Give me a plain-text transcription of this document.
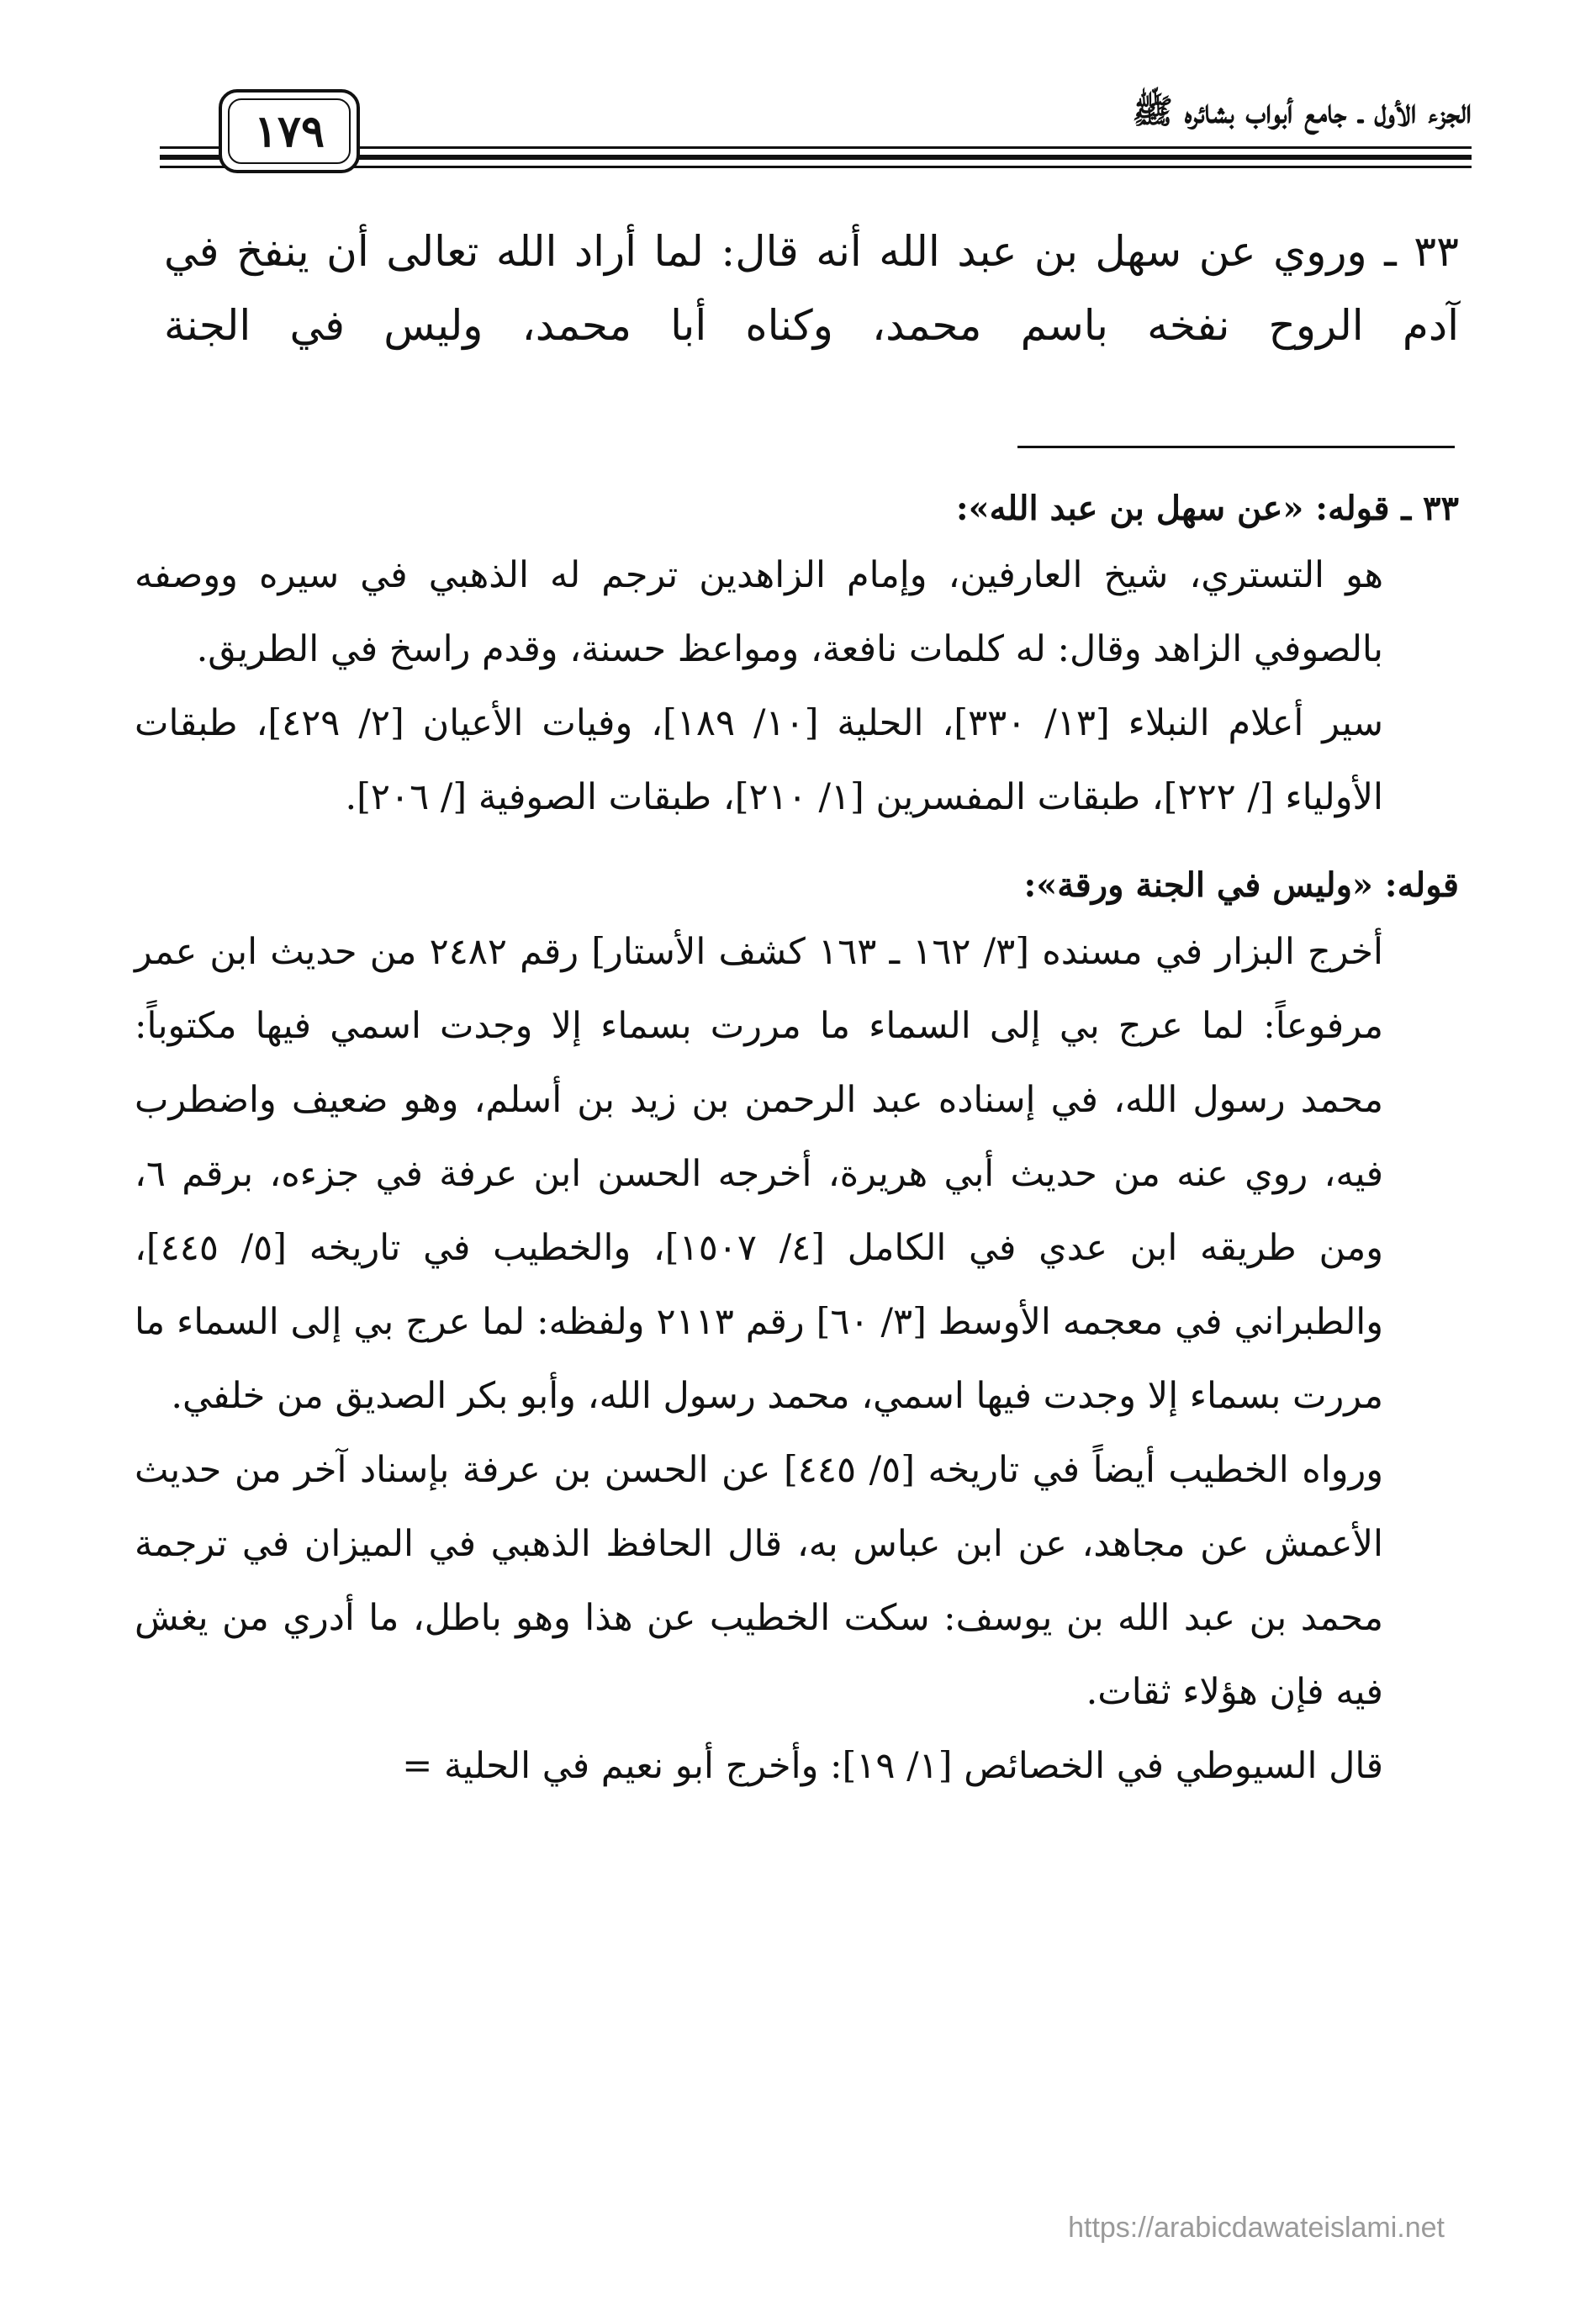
١٧٩	الجزء الأول ـ جامع أبواب بشائره ﷺ

٣٣ ـ وروي عن سهل بن عبد الله أنه قال: لما أراد الله تعالى أن ينفخ في آدم الروح نفخه باسم محمد، وكناه أبا محمد، وليس في الجنة

٣٣ ـ قوله: «عن سهل بن عبد الله»:

هو التستري، شيخ العارفين، وإمام الزاهدين ترجم له الذهبي في سيره ووصفه بالصوفي الزاهد وقال: له كلمات نافعة، ومواعظ حسنة، وقدم راسخ في الطريق.

سير أعلام النبلاء [١٣/ ٣٣٠]، الحلية [١٠/ ١٨٩]، وفيات الأعيان [٢/ ٤٢٩]، طبقات الأولياء [/ ٢٢٢]، طبقات المفسرين [١/ ٢١٠]، طبقات الصوفية [/ ٢٠٦].

قوله: «وليس في الجنة ورقة»:

أخرج البزار في مسنده [٣/ ١٦٢ ـ ١٦٣ كشف الأستار] رقم ٢٤٨٢ من حديث ابن عمر مرفوعاً: لما عرج بي إلى السماء ما مررت بسماء إلا وجدت اسمي فيها مكتوباً: محمد رسول الله، في إسناده عبد الرحمن بن زيد بن أسلم، وهو ضعيف واضطرب فيه، روي عنه من حديث أبي هريرة، أخرجه الحسن ابن عرفة في جزءه، برقم ٦، ومن طريقه ابن عدي في الكامل [٤/ ١٥٠٧]، والخطيب في تاريخه [٥/ ٤٤٥]، والطبراني في معجمه الأوسط [٣/ ٦٠] رقم ٢١١٣ ولفظه: لما عرج بي إلى السماء ما مررت بسماء إلا وجدت فيها اسمي، محمد رسول الله، وأبو بكر الصديق من خلفي.

ورواه الخطيب أيضاً في تاريخه [٥/ ٤٤٥] عن الحسن بن عرفة بإسناد آخر من حديث الأعمش عن مجاهد، عن ابن عباس به، قال الحافظ الذهبي في الميزان في ترجمة محمد بن عبد الله بن يوسف: سكت الخطيب عن هذا وهو باطل، ما أدري من يغش فيه فإن هؤلاء ثقات.

قال السيوطي في الخصائص [١/ ١٩]: وأخرج أبو نعيم في الحلية =

https://arabicdawateislami.net
